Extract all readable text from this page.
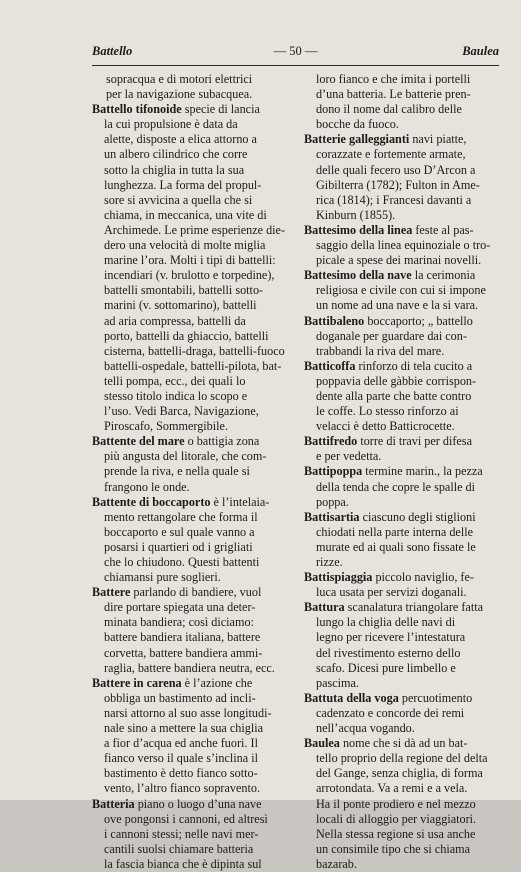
Battello	— 50 —	Baulea
sopracqua e di motori elettrici
per la navigazione subacquea.
Battello tifonoide specie di lancia
la cui propulsione è data da
alette, disposte a elica attorno a
un albero cilindrico che corre
sotto la chiglia in tutta la sua
lunghezza. La forma del propul-
sore si avvicina a quella che si
chiama, in meccanica, una vite di
Archimede. Le prime esperienze die-
dero una velocità di molte miglia
marine l’ora. Molti i tipi di battelli:
incendiari (v. brulotto e torpedine),
battelli smontabili, battelli sotto-
marini (v. sottomarino), battelli
ad aria compressa, battelli da
porto, battelli da ghiaccio, battelli
cisterna, battelli-draga, battelli-fuoco
battelli-ospedale, battelli-pilota, bat-
telli pompa, ecc., dei quali lo
stesso titolo indica lo scopo e
l’uso. Vedi Barca, Navigazione,
Piroscafo, Sommergibile.
Battente del mare o battigia zona
più angusta del litorale, che com-
prende la riva, e nella quale si
frangono le onde.
Battente di boccaporto è l’intelaia-
mento rettangolare che forma il
boccaporto e sul quale vanno a
posarsi i quartieri od i grigliati
che lo chiudono. Questi battenti
chiamansi pure soglieri.
Battere parlando di bandiere, vuol
dire portare spiegata una deter-
minata bandiera; così diciamo:
battere bandiera italiana, battere
corvetta, battere bandiera ammi-
raglia, battere bandiera neutra, ecc.
Battere in carena è l’azione che
obbliga un bastimento ad incli-
narsi attorno al suo asse longitudi-
nale sino a mettere la sua chiglia
a fior d’acqua ed anche fuori. Il
fianco verso il quale s’inclina il
bastimento è detto fianco sotto-
vento, l’altro fianco sopravento.
Batteria piano o luogo d’una nave
ove pongonsi i cannoni, ed altresì
i cannoni stessi; nelle navi mer-
cantili suolsi chiamare batteria
la fascia bianca che è dipinta sul
loro fianco e che imita i portelli
d’una batteria. Le batterie pren-
dono il nome dal calibro delle
bocche da fuoco.
Batterie galleggianti navi piatte,
corazzate e fortemente armate,
delle quali fecero uso D’Arcon a
Gibilterra (1782); Fulton in Ame-
rica (1814); i Francesi davanti a
Kinburn (1855).
Battesimo della linea feste al pas-
saggio della linea equinoziale o tro-
picale a spese dei marinai novelli.
Battesimo della nave la cerimonia
religiosa e civile con cui si impone
un nome ad una nave e la si vara.
Battibaleno boccaporto; „ battello
doganale per guardare dai con-
trabbandi la riva del mare.
Batticoffa rinforzo di tela cucito a
poppavia delle gàbbie corrispon-
dente alla parte che batte contro
le coffe. Lo stesso rinforzo ai
velacci è detto Batticrocette.
Battifredo torre di travi per difesa
e per vedetta.
Battipoppa termine marin., la pezza
della tenda che copre le spalle di
poppa.
Battisartia ciascuno degli stiglioni
chiodati nella parte interna delle
murate ed ai quali sono fissate le
rizze.
Battispiaggia piccolo naviglio, fe-
luca usata per servizi doganali.
Battura scanalatura triangolare fatta
lungo la chiglia delle navi di
legno per ricevere l’intestatura
del rivestimento esterno dello
scafo. Dicesi pure limbello e
pascima.
Battuta della voga percuotimento
cadenzato e concorde dei remi
nell’acqua vogando.
Baulea nome che si dà ad un bat-
tello proprio della regione del delta
del Gange, senza chiglia, di forma
arrotondata. Va a remi e a vela.
Ha il ponte prodiero e nel mezzo
locali di alloggio per viaggiatori.
Nella stessa regione si usa anche
un consimile tipo che si chiama
bazarab.
